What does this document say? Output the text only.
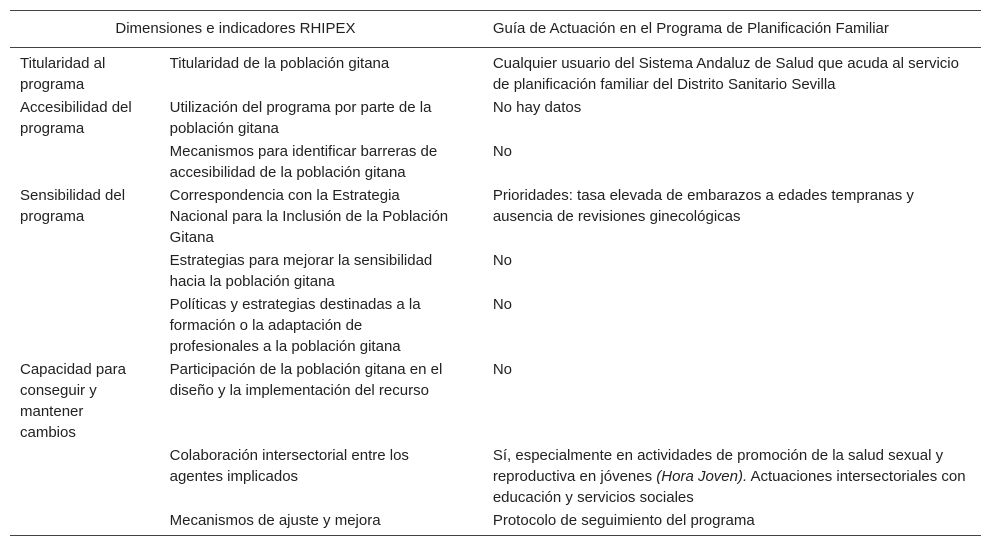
Dimensiones e indicadores RHIPEX		Guía de Actuación en el Programa de Planificación Familiar
Titularidad al programa	Titularidad de la población gitana	Cualquier usuario del Sistema Andaluz de Salud que acuda al servicio de planificación familiar del Distrito Sanitario Sevilla
Accesibilidad del programa	Utilización del programa por parte de la población gitana	No hay datos
	Mecanismos para identificar barreras de accesibilidad de la población gitana	No
Sensibilidad del programa	Correspondencia con la Estrategia Nacional para la Inclusión de la Población Gitana	Prioridades: tasa elevada de embarazos a edades tempranas y ausencia de revisiones ginecológicas
	Estrategias para mejorar la sensibilidad hacia la población gitana	No
	Políticas y estrategias destinadas a la formación o la adaptación de profesionales a la población gitana	No
Capacidad para conseguir y mantener cambios	Participación de la población gitana en el diseño y la implementación del recurso	No
	Colaboración intersectorial entre los agentes implicados	Sí, especialmente en actividades de promoción de la salud sexual y reproductiva en jóvenes (Hora Joven). Actuaciones intersectoriales con educación y servicios sociales
	Mecanismos de ajuste y mejora	Protocolo de seguimiento del programa
